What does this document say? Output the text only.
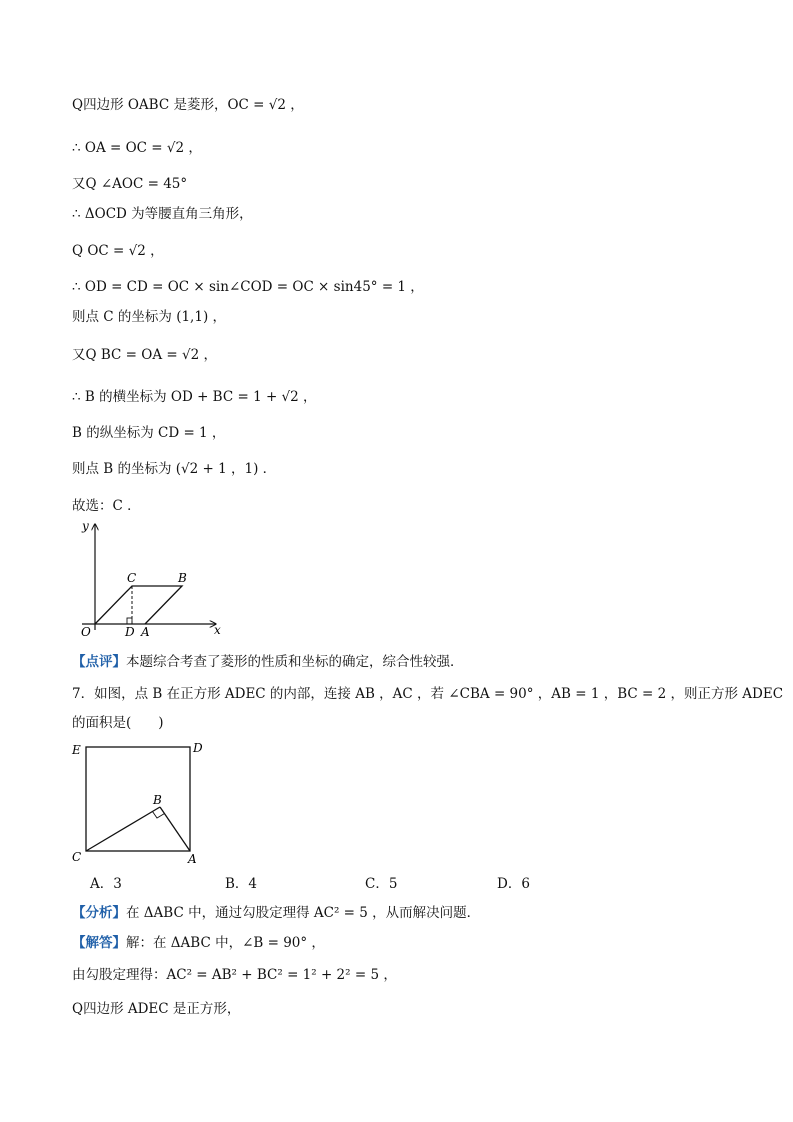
Q四边形 OABC 是菱形，OC = √2 ，
∴ OA = OC = √2 ，
又Q ∠AOC = 45°
∴ ΔOCD 为等腰直角三角形，
Q OC = √2 ，
∴ OD = CD = OC × sin∠COD = OC × sin45° = 1 ，
则点 C 的坐标为 (1,1) ，
又Q BC = OA = √2 ，
∴ B 的横坐标为 OD + BC = 1 + √2 ，
B 的纵坐标为 CD = 1 ，
则点 B 的坐标为 (√2 + 1 ，1) ．
故选：C ．
y
x
O
C	B
D A
【点评】本题综合考查了菱形的性质和坐标的确定，综合性较强．
7．如图，点 B 在正方形 ADEC 的内部，连接 AB ，AC ，若 ∠CBA = 90° ，AB = 1 ，BC = 2 ，则正方形 ADEC
的面积是(　　)
E	D
B
C	A
A．3	B．4	C．5	D．6
【分析】在 ΔABC 中，通过勾股定理得 AC² = 5 ，从而解决问题．
【解答】解：在 ΔABC 中，∠B = 90° ，
由勾股定理得：AC² = AB² + BC² = 1² + 2² = 5 ，
Q四边形 ADEC 是正方形，
